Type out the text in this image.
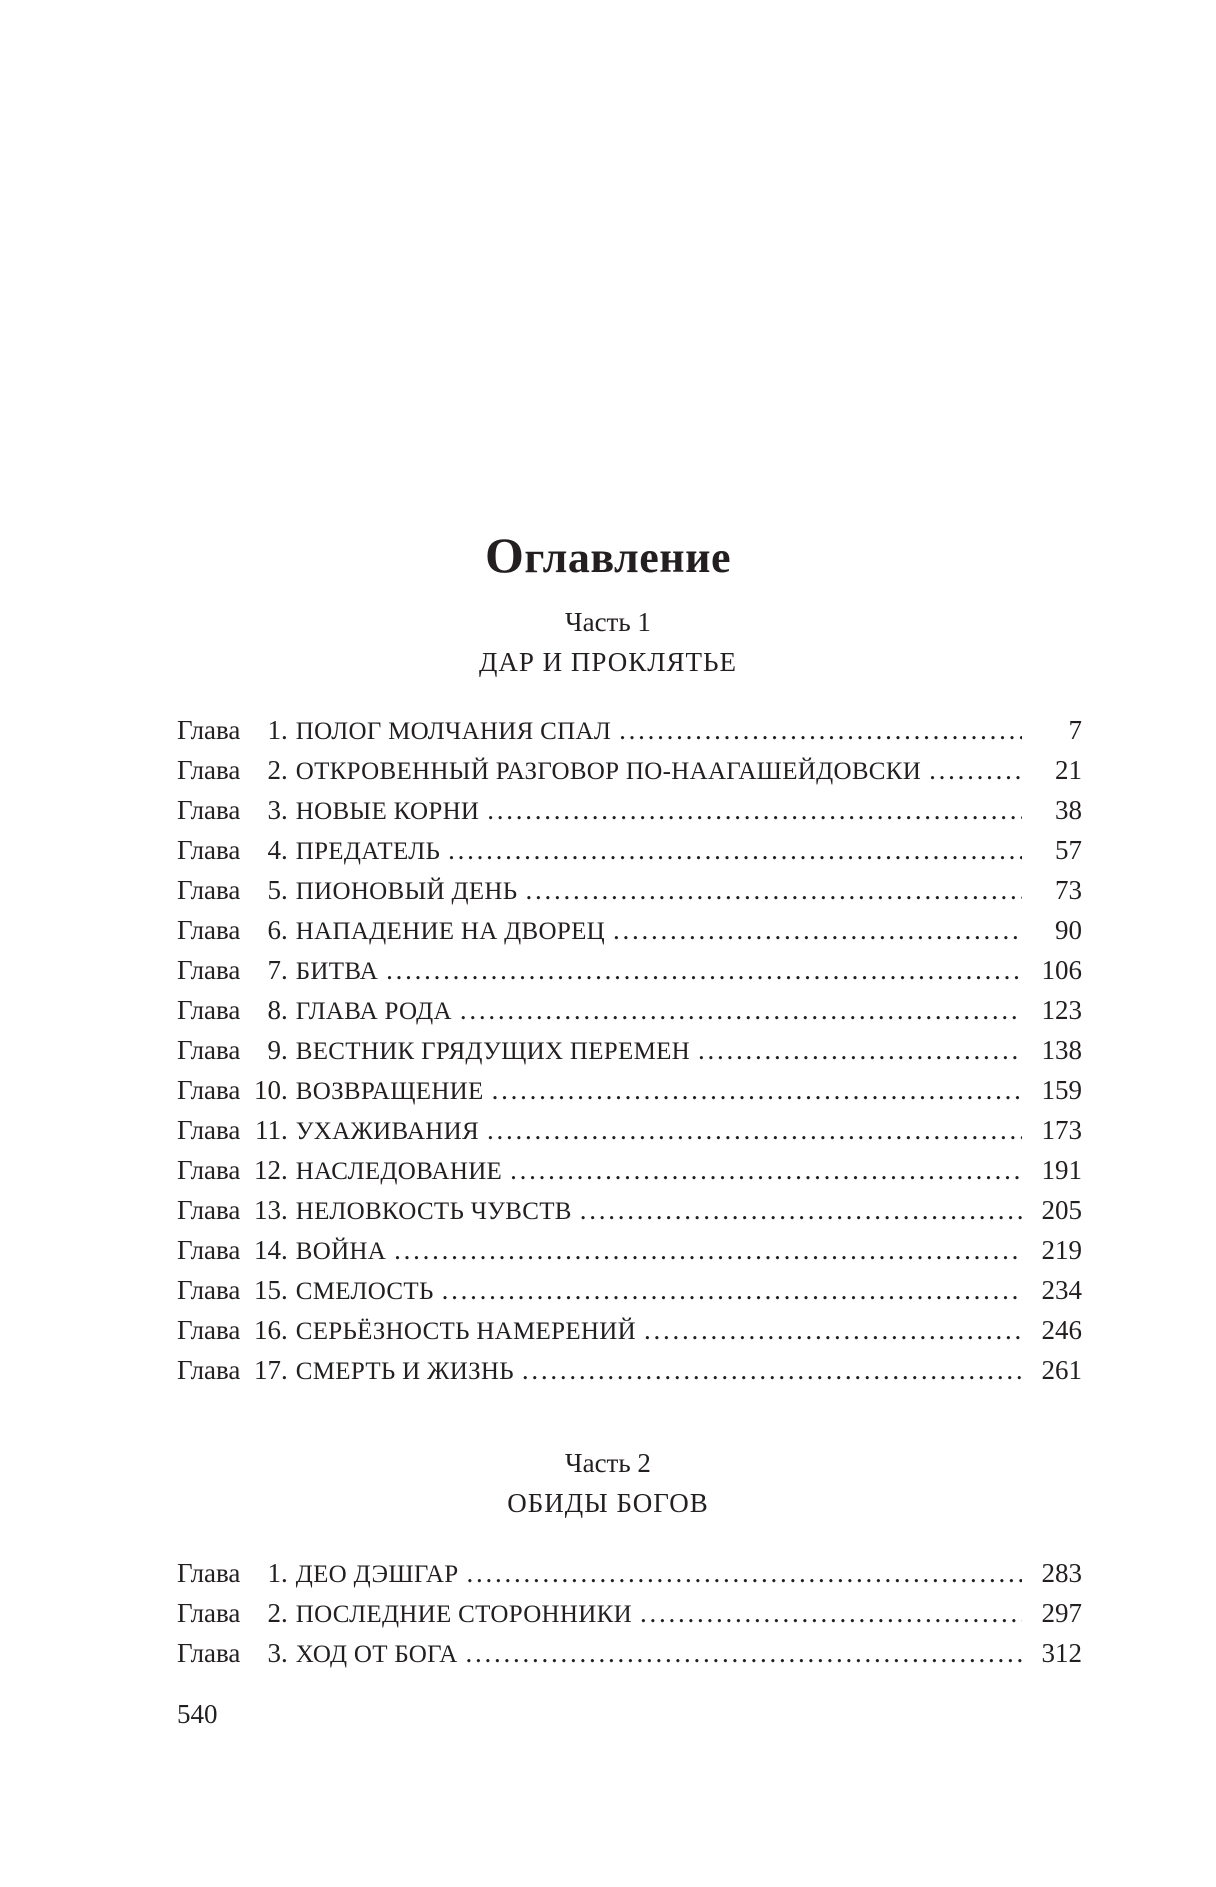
Оглавление
Часть 1
ДАР И ПРОКЛЯТЬЕ
Глава	1 . ПОЛОГ МОЛЧАНИЯ СПАЛ . . .	7
Глава	2 . ОТКРОВЕННЫЙ РАЗГОВОР ПО-НААГАШЕЙДОВСКИ . . .	21
Глава	3 . НОВЫЕ КОРНИ . . .	38
Глава	4 . ПРЕДАТЕЛЬ . . .	57
Глава	5 . ПИОНОВЫЙ ДЕНЬ . . .	73
Глава	6 . НАПАДЕНИЕ НА ДВОРЕЦ . . .	90
Глава	7 . БИТВА . . .	106
Глава	8 . ГЛАВА РОДА . . .	123
Глава	9 . ВЕСТНИК ГРЯДУЩИХ ПЕРЕМЕН . . .	138
Глава 10 . ВОЗВРАЩЕНИЕ . . .	159
Глава 11 . УХАЖИВАНИЯ . . .	173
Глава 12 . НАСЛЕДОВАНИЕ . . .	191
Глава 13 . НЕЛОВКОСТЬ ЧУВСТВ . . .	205
Глава 14 . ВОЙНА . . .	219
Глава 15 . СМЕЛОСТЬ . . .	234
Глава 16 . СЕРЬЁЗНОСТЬ НАМЕРЕНИЙ . . .	246
Глава 17 . СМЕРТЬ И ЖИЗНЬ . . .	261
Часть 2
ОБИДЫ БОГОВ
Глава	1 . ДЕО ДЭШГАР . . .	283
Глава	2 . ПОСЛЕДНИЕ СТОРОННИКИ . . .	297
Глава	3 . ХОД ОТ БОГА . . .	312
540
